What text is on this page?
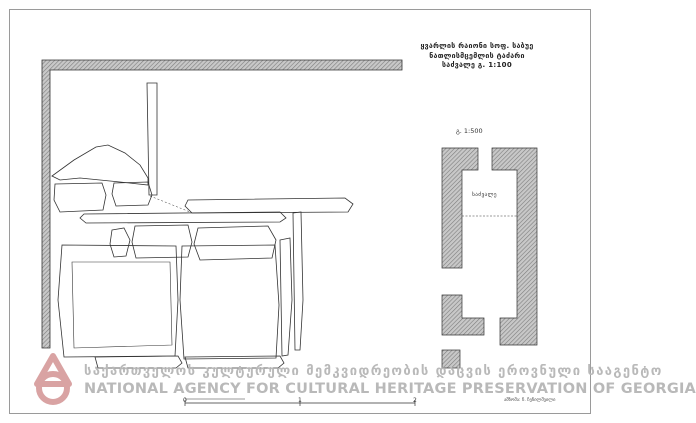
ყვარლის რაიონი სოფ. საბუე
ნათლისმცემლის ტაძარი
საძვალე გ. 1:100
გ. 1:500
საძვალე
საქართველოს კულტურული მემკვიდრეობის დაცვის ეროვნული სააგენტო
NATIONAL AGENCY FOR CULTURAL HERITAGE PRESERVATION OF GEORGIA
0	1	2	ამზომა: ჩ. ჩენილშვილი
